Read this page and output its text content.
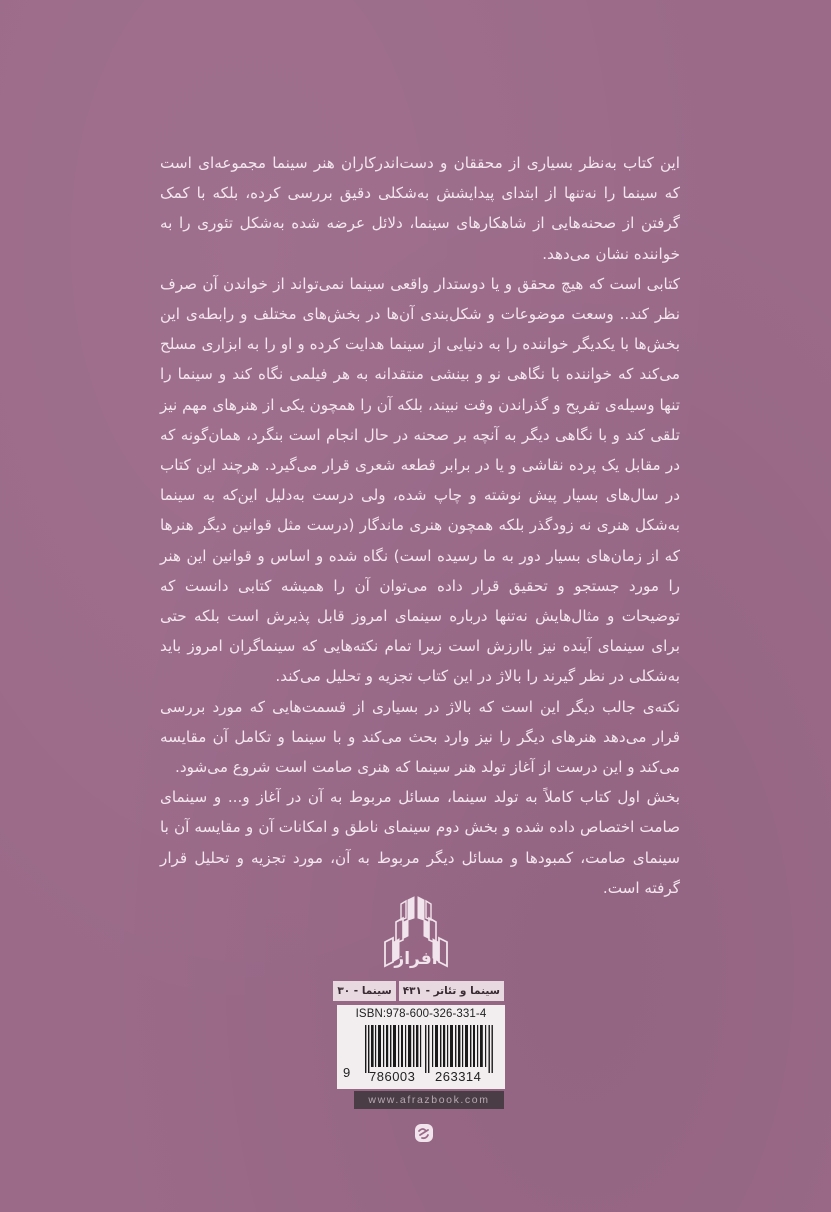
این کتاب به‌نظر بسیاری از محققان و دست‌اندرکاران هنر سینما مجموعه‌ای است که سینما را نه‌تنها از ابتدای پیدایشش به‌شکلی دقیق بررسی کرده، بلکه با کمک گرفتن از صحنه‌هایی از شاهکارهای سینما، دلائل عرضه شده به‌شکل تئوری را به خواننده نشان می‌دهد.

کتابی است که هیچ محقق و یا دوستدار واقعی سینما نمی‌تواند از خواندن آن صرف نظر کند.. وسعت موضوعات و شکل‌بندی آن‌ها در بخش‌های مختلف و رابطه‌ی این بخش‌ها با یکدیگر خواننده را به دنیایی از سینما هدایت کرده و او را به ابزاری مسلح می‌کند که خواننده با نگاهی نو و بینشی منتقدانه به هر فیلمی نگاه کند و سینما را تنها وسیله‌ی تفریح و گذراندن وقت نبیند، بلکه آن را همچون یکی از هنرهای مهم نیز تلقی کند و با نگاهی دیگر به آنچه بر صحنه در حال انجام است بنگرد، همان‌گونه که در مقابل یک پرده نقاشی و یا در برابر قطعه شعری قرار می‌گیرد. هرچند این کتاب در سال‌های بسیار پیش نوشته و چاپ شده، ولی درست به‌دلیل این‌که به سینما به‌شکل هنری نه زودگذر بلکه همچون هنری ماندگار (درست مثل قوانین دیگر هنرها که از زمان‌های بسیار دور به ما رسیده است) نگاه شده و اساس و قوانین این هنر را مورد جستجو و تحقیق قرار داده می‌توان آن را همیشه کتابی دانست که توضیحات و مثال‌هایش نه‌تنها درباره سینمای امروز قابل پذیرش است بلکه حتی برای سینمای آینده نیز باارزش است زیرا تمام نکته‌هایی که سینماگران امروز باید به‌شکلی در نظر گیرند را بالاژ در این کتاب تجزیه و تحلیل می‌کند.

نکته‌ی جالب دیگر این است که بالاژ در بسیاری از قسمت‌هایی که مورد بررسی قرار می‌دهد هنرهای دیگر را نیز وارد بحث می‌کند و با سینما و تکامل آن مقایسه می‌کند و این درست از آغاز تولد هنر سینما که هنری صامت است شروع می‌شود.

بخش اول کتاب کاملاً به تولد سینما، مسائل مربوط به آن در آغاز و... و سینمای صامت اختصاص داده شده و بخش دوم سینمای ناطق و امکانات آن و مقایسه آن با سینمای صامت، کمبودها و مسائل دیگر مربوط به آن، مورد تجزیه و تحلیل قرار گرفته است.

افراز
سینما و تئاتر - ۴۳۱
سینما - ۳۰
ISBN:978-600-326-331-4
9 786003 263314
www.afrazbook.com
